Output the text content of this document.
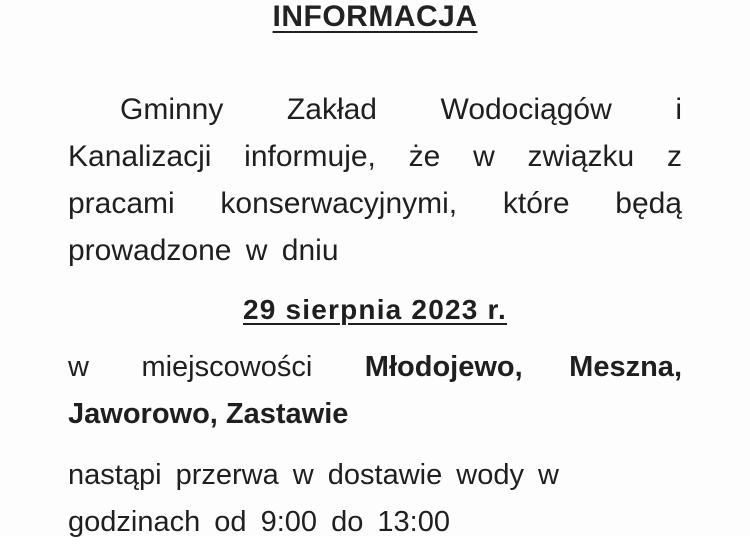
INFORMACJA

Gminny Zakład Wodociągów i Kanalizacji informuje, że w związku z pracami konserwacyjnymi, które będą prowadzone w dniu

29 sierpnia 2023 r.

w miejscowości Młodojewo, Meszna, Jaworowo, Zastawie

nastąpi przerwa w dostawie wody w

godzinach od 9:00 do 13:00
